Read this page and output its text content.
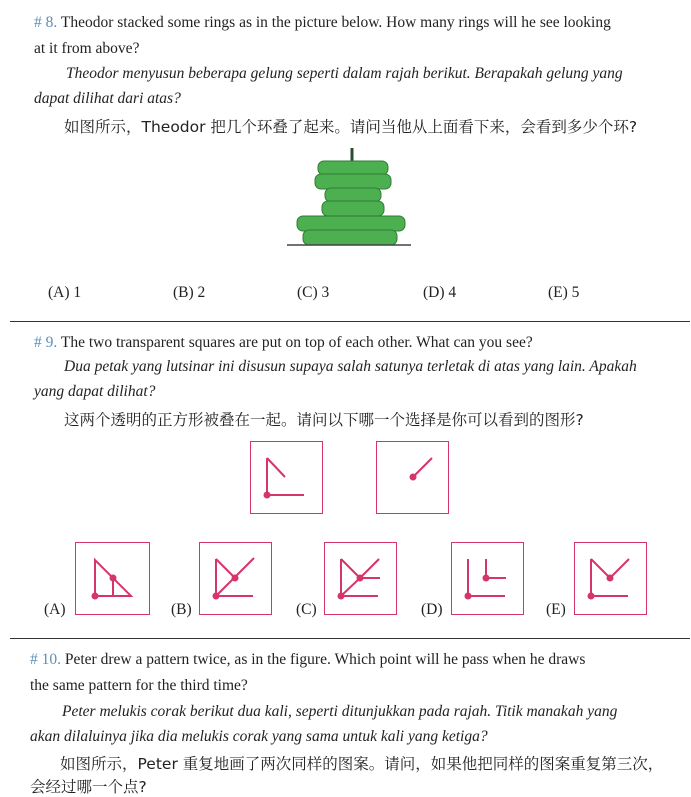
# 8. Theodor stacked some rings as in the picture below. How many rings will he see looking
at it from above?
Theodor menyusun beberapa gelung seperti dalam rajah berikut. Berapakah gelung yang
dapat dilihat dari atas?
如图所示，Theodor 把几个环叠了起来。请问当他从上面看下来，会看到多少个环?
(A) 1	(B) 2	(C) 3	(D) 4	(E) 5
# 9. The two transparent squares are put on top of each other. What can you see?
Dua petak yang lutsinar ini disusun supaya salah satunya terletak di atas yang lain. Apakah
yang dapat dilihat?
这两个透明的正方形被叠在一起。请问以下哪一个选择是你可以看到的图形?
(A)	(B)	(C)	(D)	(E)
# 10. Peter drew a pattern twice, as in the figure. Which point will he pass when he draws
the same pattern for the third time?
Peter melukis corak berikut dua kali, seperti ditunjukkan pada rajah. Titik manakah yang
akan dilaluinya jika dia melukis corak yang sama untuk kali yang ketiga?
如图所示，Peter 重复地画了两次同样的图案。请问，如果他把同样的图案重复第三次，
会经过哪一个点?
